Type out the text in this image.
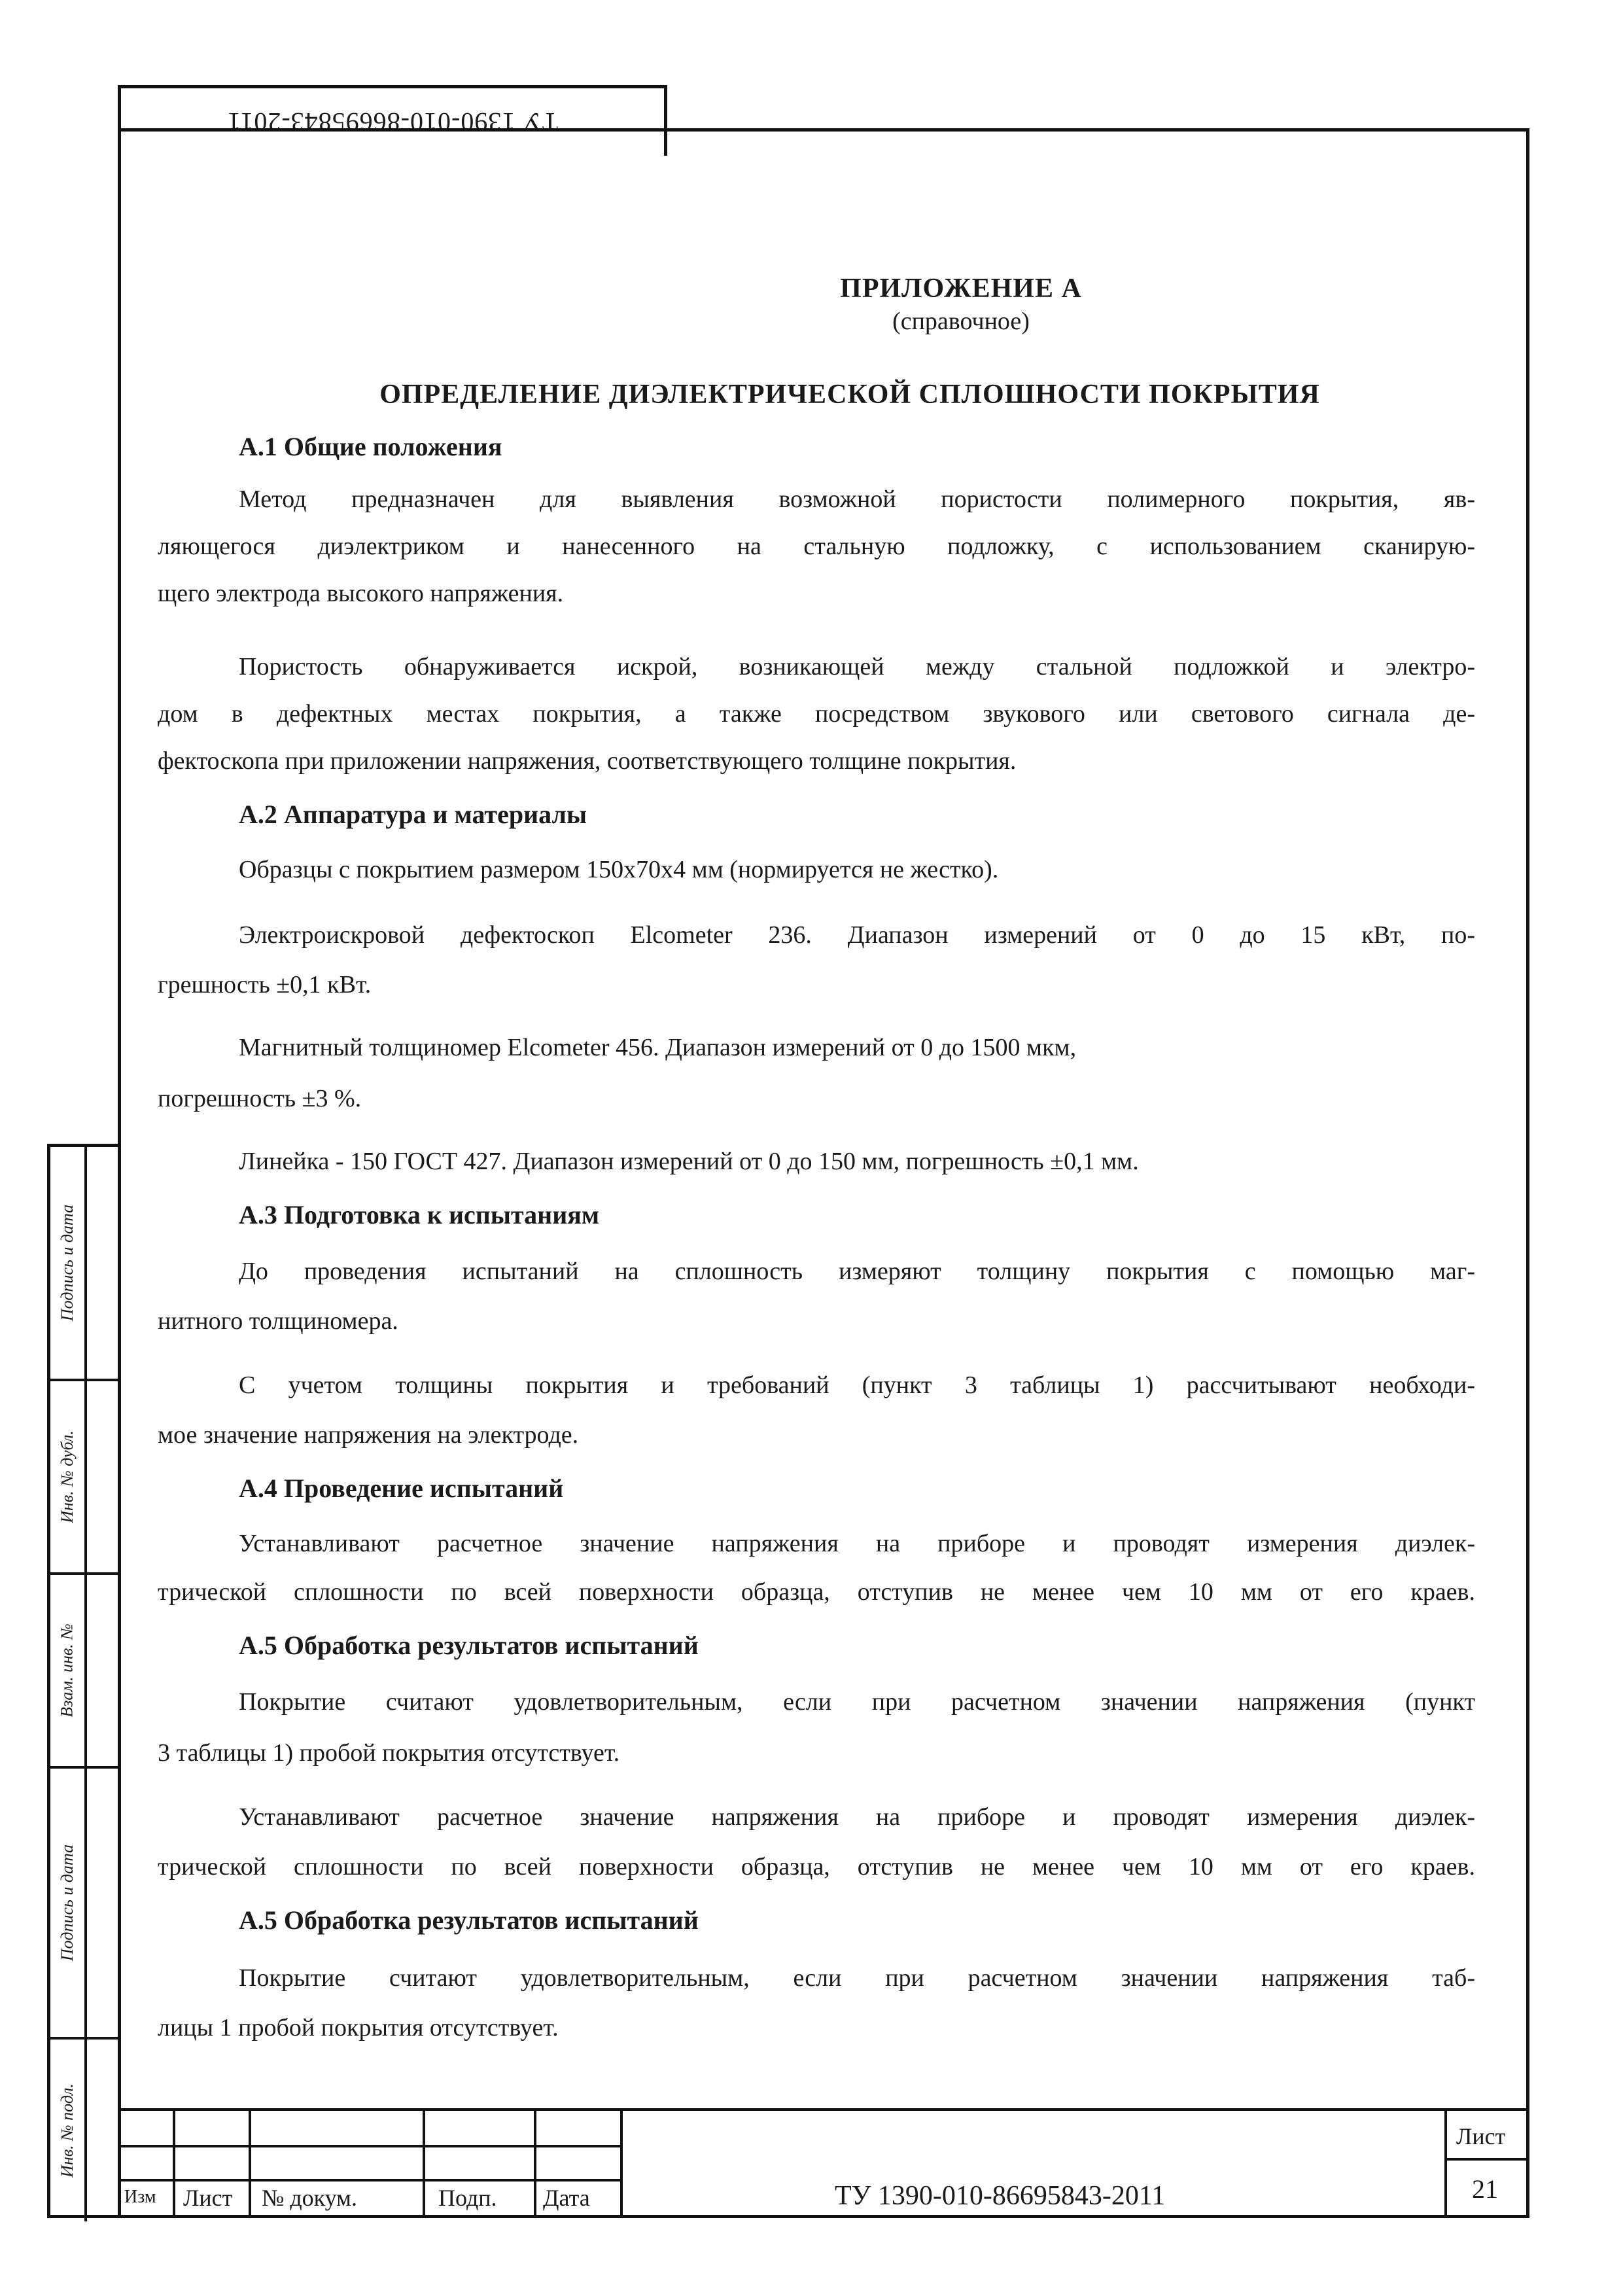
ТУ 1390-010-86695843-2011
ПРИЛОЖЕНИЕ А
(справочное)
ОПРЕДЕЛЕНИЕ ДИЭЛЕКТРИЧЕСКОЙ СПЛОШНОСТИ ПОКРЫТИЯ
А.1 Общие положения
Метод предназначен для выявления возможной пористости полимерного покрытия, яв-
ляющегося диэлектриком и нанесенного на стальную подложку, с использованием сканирую-
щего электрода высокого напряжения.
Пористость обнаруживается искрой, возникающей между стальной подложкой и электро-
дом в дефектных местах покрытия, а также посредством звукового или светового сигнала де-
фектоскопа при приложении напряжения, соответствующего толщине покрытия.
А.2 Аппаратура и материалы
Образцы с покрытием размером 150х70х4 мм (нормируется не жестко).
Электроискровой дефектоскоп Elcometer 236. Диапазон измерений от 0 до 15 кВт, по-
грешность ±0,1 кВт.
Магнитный толщиномер Elcometer 456. Диапазон измерений от 0 до 1500 мкм,
погрешность ±3 %.
Линейка - 150 ГОСТ 427. Диапазон измерений от 0 до 150 мм, погрешность ±0,1 мм.
А.3 Подготовка к испытаниям
До проведения испытаний на сплошность измеряют толщину покрытия с помощью маг-
нитного толщиномера.
С учетом толщины покрытия и требований (пункт 3 таблицы 1) рассчитывают необходи-
мое значение напряжения на электроде.
А.4 Проведение испытаний
Устанавливают расчетное значение напряжения на приборе и проводят измерения диэлек-
трической сплошности по всей поверхности образца, отступив не менее чем 10 мм от его краев.
А.5 Обработка результатов испытаний
Покрытие считают удовлетворительным, если при расчетном значении напряжения (пункт
3 таблицы 1) пробой покрытия отсутствует.
Устанавливают расчетное значение напряжения на приборе и проводят измерения диэлек-
трической сплошности по всей поверхности образца, отступив не менее чем 10 мм от его краев.
А.5 Обработка результатов испытаний
Покрытие считают удовлетворительным, если при расчетном значении напряжения таб-
лицы 1 пробой покрытия отсутствует.
Подпись и дата
Инв. № дубл.
Взам. инв. №
Подпись и дата
Инв. № подл.
Изм Лист № докум.	Подп. Дата	ТУ 1390-010-86695843-2011
Лист
21
